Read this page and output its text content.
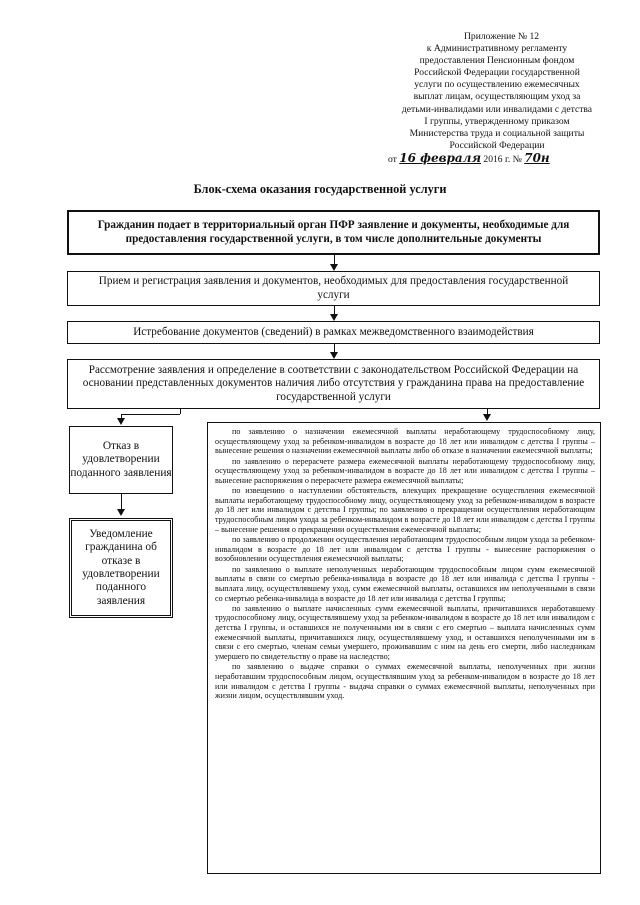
Приложение № 12
к Административному регламенту
предоставления Пенсионным фондом
Российской Федерации государственной
услуги по осуществлению ежемесячных
выплат лицам, осуществляющим уход за
детьми-инвалидами или инвалидами с детства
I группы, утвержденному приказом
Министерства труда и социальной защиты
Российской Федерации
от 16 февраля 2016 г. № 70н
Блок-схема оказания государственной услуги
Гражданин подает в территориальный орган ПФР заявление и документы, необходимые для предоставления государственной услуги, в том числе дополнительные документы
Прием и регистрация заявления и документов, необходимых для предоставления государственной услуги
Истребование документов (сведений) в рамках межведомственного взаимодействия
Рассмотрение заявления и определение в соответствии с законодательством Российской Федерации на основании представленных документов наличия либо отсутствия у гражданина права на предоставление государственной услуги
Отказ в удовлетворении поданного заявления
Уведомление гражданина об отказе в удовлетворении поданного заявления

по заявлению о назначении ежемесячной выплаты неработающему трудоспособному лицу, осуществляющему уход за ребенком-инвалидом в возрасте до 18 лет или инвалидом с детства I группы – вынесение решения о назначении ежемесячной выплаты либо об отказе в назначении ежемесячной выплаты;

по заявлению о перерасчете размера ежемесячной выплаты неработающему трудоспособному лицу, осуществляющему уход за ребенком-инвалидом в возрасте до 18 лет или инвалидом с детства I группы – вынесение распоряжения о перерасчете размера ежемесячной выплаты;

по извещению о наступлении обстоятельств, влекущих прекращение осуществления ежемесячной выплаты неработающему трудоспособному лицу, осуществляющему уход за ребенком-инвалидом в возрасте до 18 лет или инвалидом с детства I группы; по заявлению о прекращении осуществления неработающим трудоспособным лицом ухода за ребенком-инвалидом в возрасте до 18 лет или инвалидом с детства I группы – вынесение решения о прекращении осуществления ежемесячной выплаты;

по заявлению о продолжении осуществления неработающим трудоспособным лицом ухода за ребенком-инвалидом в возрасте до 18 лет или инвалидом с детства I группы - вынесение распоряжения о возобновлении осуществления ежемесячной выплаты;

по заявлению о выплате неполученных неработающим трудоспособным лицом сумм ежемесячной выплаты в связи со смертью ребенка-инвалида в возрасте до 18 лет или инвалида с детства I группы - выплата лицу, осуществлявшему уход, сумм ежемесячной выплаты, оставшихся им неполученными в связи со смертью ребенка-инвалида в возрасте до 18 лет или инвалида с детства I группы;

по заявлению о выплате начисленных сумм ежемесячной выплаты, причитавшихся неработавшему трудоспособному лицу, осуществлявшему уход за ребенком-инвалидом в возрасте до 18 лет или инвалидом с детства I группы, и оставшихся не полученными им в связи с его смертью – выплата начисленных сумм ежемесячной выплаты, причитавшихся лицу, осуществлявшему уход, и оставшихся неполученными им в связи с его смертью, членам семьи умершего, проживавшим с ним на день его смерти, либо наследникам умершего по свидетельству о праве на наследство;

по заявлению о выдаче справки о суммах ежемесячной выплаты, неполученных при жизни неработавшим трудоспособным лицом, осуществлявшим уход за ребенком-инвалидом в возрасте до 18 лет или инвалидом с детства I группы - выдача справки о суммах ежемесячной выплаты, неполученных при жизни лицом, осуществлявшим уход.
